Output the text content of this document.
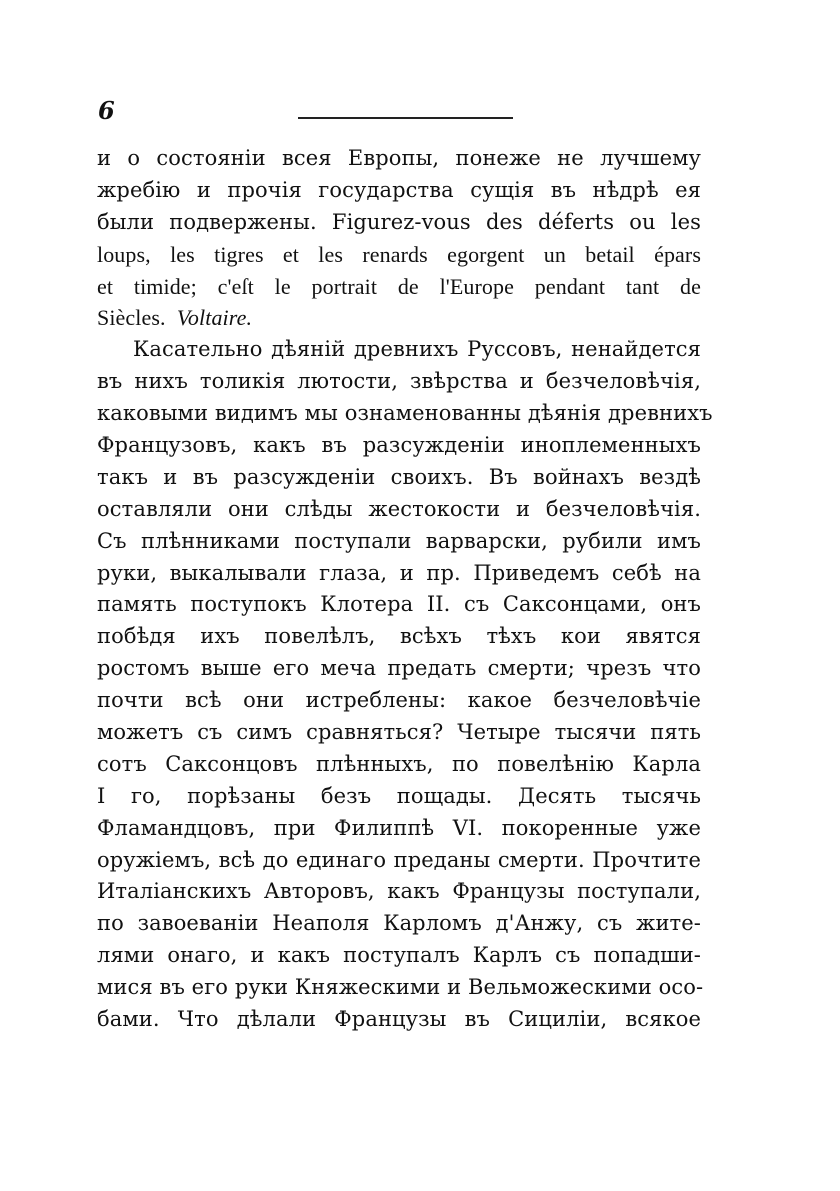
6
и о состоянiи всея Европы, понеже не лучшему
жребiю и прочiя государства сущiя въ нѣдрѣ ея
были подвержены. Figurez-vous des déferts ou les
loups, les tigres et les renards egorgent un betail épars
et timide; c'eſt le portrait de l'Europe pendant tant de
Siècles. Voltaire.
Касательно дѣянiй древнихъ Руссовъ, ненайдется
въ нихъ толикiя лютости, звѣрства и безчеловѣчiя,
каковыми видимъ мы ознаменованны дѣянiя древнихъ
Французовъ, какъ въ разсужденiи иноплеменныхъ
такъ и въ разсужденiи своихъ. Въ войнахъ вездѣ
оставляли они слѣды жестокости и безчеловѣчiя.
Съ плѣнниками поступали варварски, рубили имъ
руки, выкалывали глаза, и пр. Приведемъ себѣ на
память поступокъ Клотера II. съ Саксонцами, онъ
побѣдя ихъ повелѣлъ, всѣхъ тѣхъ кои явятся
ростомъ выше его меча предать смерти; чрезъ что
почти всѣ они истреблены: какое безчеловѣчiе
можетъ съ симъ сравняться? Четыре тысячи пять
сотъ Саксонцовъ плѣнныхъ, по повелѣнiю Карла
I го, порѣзаны безъ пощады. Десять тысячь
Фламандцовъ, при Филиппѣ VI. покоренные уже
оружiемъ, всѣ до единаго преданы смерти. Прочтите
Италiанскихъ Авторовъ, какъ Французы поступали,
по завоеванiи Неаполя Карломъ д'Анжу, съ жите-
лями онаго, и какъ поступалъ Карлъ съ попадши-
мися въ его руки Княжескими и Вельможескими осо-
бами. Что дѣлали Французы въ Сицилiи, всякое
